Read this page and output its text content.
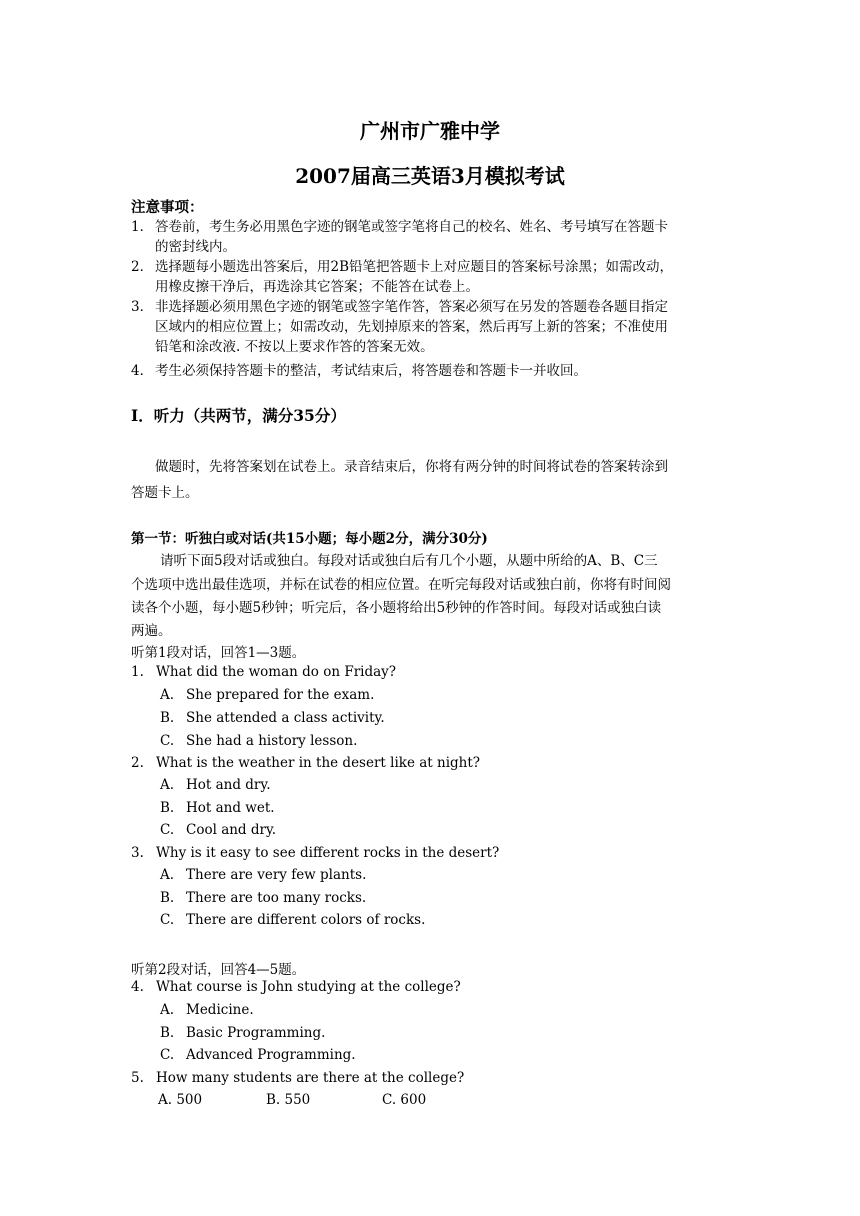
广州市广雅中学
2007届高三英语3月模拟考试
注意事项：
1． 答卷前，考生务必用黑色字迹的钢笔或签字笔将自己的校名、姓名、考号填写在答题卡
的密封线内。
2． 选择题每小题选出答案后，用2B铅笔把答题卡上对应题目的答案标号涂黑；如需改动，
用橡皮擦干净后，再选涂其它答案；不能答在试卷上。
3． 非选择题必须用黑色字迹的钢笔或签字笔作答，答案必须写在另发的答题卷各题目指定
区域内的相应位置上；如需改动，先划掉原来的答案，然后再写上新的答案；不准使用
铅笔和涂改液. 不按以上要求作答的答案无效。
4． 考生必须保持答题卡的整洁，考试结束后，将答题卷和答题卡一并收回。
I．听力（共两节，满分35分）
做题时，先将答案划在试卷上。录音结束后，你将有两分钟的时间将试卷的答案转涂到
答题卡上。
第一节：听独白或对话(共15小题；每小题2分，满分30分)
请听下面5段对话或独白。每段对话或独白后有几个小题，从题中所给的A、B、C三
个选项中选出最佳选项，并标在试卷的相应位置。在听完每段对话或独白前，你将有时间阅
读各个小题，每小题5秒钟；听完后，各小题将给出5秒钟的作答时间。每段对话或独白读
两遍。
听第1段对话，回答1—3题。
1. What did the woman do on Friday?
A. She prepared for the exam.
B. She attended a class activity.
C. She had a history lesson.
2. What is the weather in the desert like at night?
A. Hot and dry.
B. Hot and wet.
C. Cool and dry.
3. Why is it easy to see different rocks in the desert?
A. There are very few plants.
B. There are too many rocks.
C. There are different colors of rocks.
听第2段对话，回答4—5题。
4. What course is John studying at the college?
A. Medicine.
B. Basic Programming.
C. Advanced Programming.
5. How many students are there at the college?
A. 500	B. 550	C. 600
